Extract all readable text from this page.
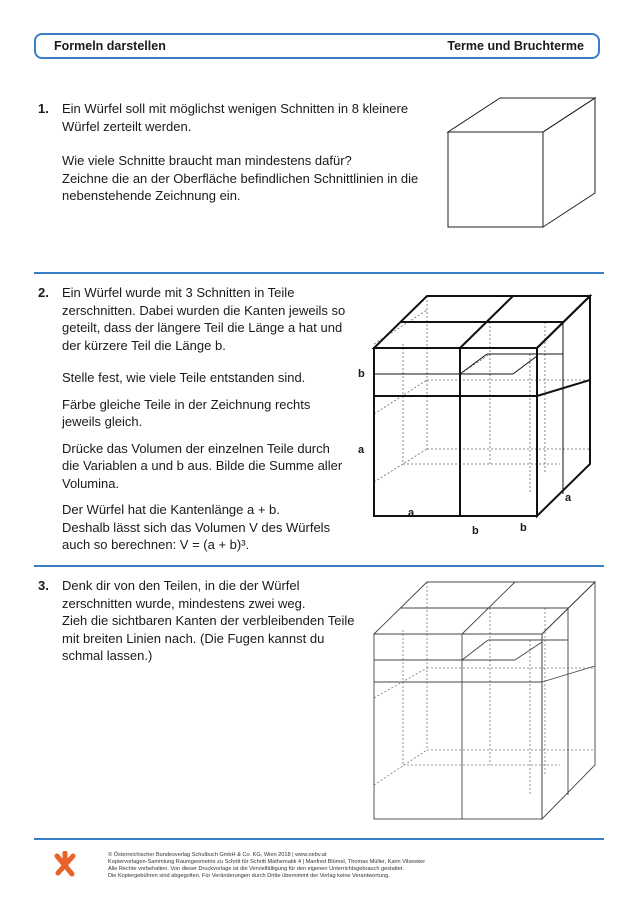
Formeln darstellen	Terme und Bruchterme
1. Ein Würfel soll mit möglichst wenigen Schnitten in 8 kleinere
Würfel zerteilt werden.
Wie viele Schnitte braucht man mindestens dafür?
Zeichne die an der Oberfläche befindlichen Schnittlinien in die
nebenstehende Zeichnung ein.
2. Ein Würfel wurde mit 3 Schnitten in Teile
zerschnitten. Dabei wurden die Kanten jeweils so
geteilt, dass der längere Teil die Länge a hat und
der kürzere Teil die Länge b.

Stelle fest, wie viele Teile entstanden sind.

Färbe gleiche Teile in der Zeichnung rechts
jeweils gleich.

Drücke das Volumen der einzelnen Teile durch
die Variablen a und b aus. Bilde die Summe aller
Volumina.

Der Würfel hat die Kantenlänge a + b.
Deshalb lässt sich das Volumen V des Würfels
auch so berechnen: V = (a + b)³.

b
a
a
b	b
a
3. Denk dir von den Teilen, in die der Würfel
zerschnitten wurde, mindestens zwei weg.
Zieh die sichtbaren Kanten der verbleibenden Teile
mit breiten Linien nach. (Die Fugen kannst du
schmal lassen.)
© Österreichischer Bundesverlag Schulbuch GmbH & Co. KG, Wien 2018 | www.oebv.at
Kopiervorlagen-Sammlung Raumgeometrie zu Schritt für Schritt Mathematik 4 | Manfred Blümel, Thomas Müller, Karin Vilseeker
Alle Rechte vorbehalten. Von dieser Druckvorlage ist die Vervielfältigung für den eigenen Unterrichtsgebrauch gestattet.
Die Kopiergebühren sind abgegolten. Für Veränderungen durch Dritte übernimmt der Verlag keine Verantwortung.
